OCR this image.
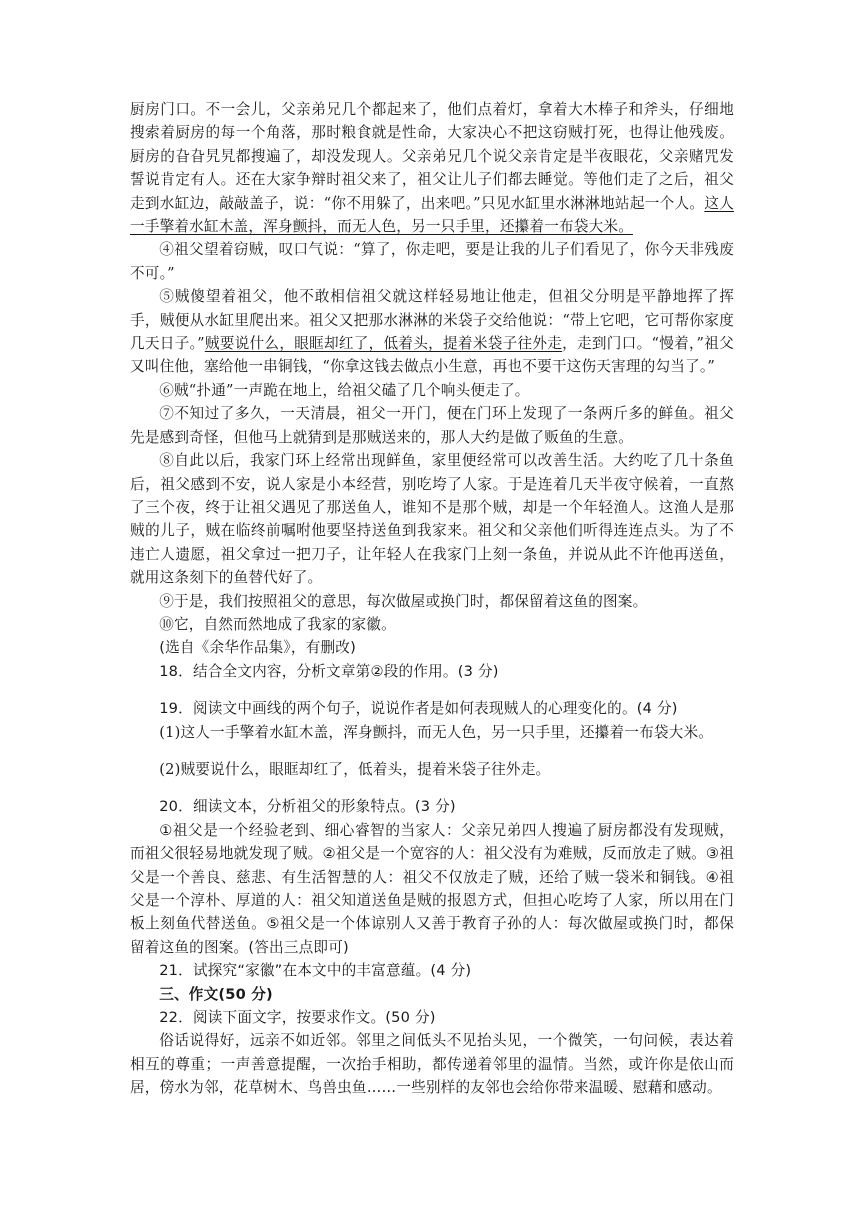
厨房门口。不一会儿，父亲弟兄几个都起来了，他们点着灯，拿着大木棒子和斧头，仔细地搜索着厨房的每一个角落，那时粮食就是性命，大家决心不把这窃贼打死，也得让他残废。厨房的旮旮旯旯都搜遍了，却没发现人。父亲弟兄几个说父亲肯定是半夜眼花，父亲赌咒发誓说肯定有人。还在大家争辩时祖父来了，祖父让儿子们都去睡觉。等他们走了之后，祖父走到水缸边，敲敲盖子，说：“你不用躲了，出来吧。”只见水缸里水淋淋地站起一个人。这人一手擎着水缸木盖，浑身颤抖，而无人色，另一只手里，还攥着一布袋大米。

④祖父望着窃贼，叹口气说：“算了，你走吧，要是让我的儿子们看见了，你今天非残废不可。”

⑤贼傻望着祖父，他不敢相信祖父就这样轻易地让他走，但祖父分明是平静地挥了挥手，贼便从水缸里爬出来。祖父又把那水淋淋的米袋子交给他说：“带上它吧，它可帮你家度几天日子。”贼要说什么，眼眶却红了，低着头，提着米袋子往外走，走到门口。“慢着，”祖父又叫住他，塞给他一串铜钱，“你拿这钱去做点小生意，再也不要干这伤天害理的勾当了。”

⑥贼“扑通”一声跪在地上，给祖父磕了几个响头便走了。

⑦不知过了多久，一天清晨，祖父一开门，便在门环上发现了一条两斤多的鲜鱼。祖父先是感到奇怪，但他马上就猜到是那贼送来的，那人大约是做了贩鱼的生意。

⑧自此以后，我家门环上经常出现鲜鱼，家里便经常可以改善生活。大约吃了几十条鱼后，祖父感到不安，说人家是小本经营，别吃垮了人家。于是连着几天半夜守候着，一直熬了三个夜，终于让祖父遇见了那送鱼人，谁知不是那个贼，却是一个年轻渔人。这渔人是那贼的儿子，贼在临终前嘱咐他要坚持送鱼到我家来。祖父和父亲他们听得连连点头。为了不违亡人遗愿，祖父拿过一把刀子，让年轻人在我家门上刻一条鱼，并说从此不许他再送鱼，就用这条刻下的鱼替代好了。

⑨于是，我们按照祖父的意思，每次做屋或换门时，都保留着这鱼的图案。

⑩它，自然而然地成了我家的家徽。

(选自《余华作品集》，有删改)

18．结合全文内容，分析文章第②段的作用。(3 分)

19．阅读文中画线的两个句子，说说作者是如何表现贼人的心理变化的。(4 分)

(1)这人一手擎着水缸木盖，浑身颤抖，而无人色，另一只手里，还攥着一布袋大米。

(2)贼要说什么，眼眶却红了，低着头，提着米袋子往外走。

20．细读文本，分析祖父的形象特点。(3 分)

①祖父是一个经验老到、细心睿智的当家人：父亲兄弟四人搜遍了厨房都没有发现贼，而祖父很轻易地就发现了贼。②祖父是一个宽容的人：祖父没有为难贼，反而放走了贼。③祖父是一个善良、慈悲、有生活智慧的人：祖父不仅放走了贼，还给了贼一袋米和铜钱。④祖父是一个淳朴、厚道的人：祖父知道送鱼是贼的报恩方式，但担心吃垮了人家，所以用在门板上刻鱼代替送鱼。⑤祖父是一个体谅别人又善于教育子孙的人：每次做屋或换门时，都保留着这鱼的图案。(答出三点即可)

21．试探究“家徽”在本文中的丰富意蕴。(4 分)

三、作文(50 分)

22．阅读下面文字，按要求作文。(50 分)

俗话说得好，远亲不如近邻。邻里之间低头不见抬头见，一个微笑，一句问候，表达着相互的尊重；一声善意提醒，一次抬手相助，都传递着邻里的温情。当然，或许你是依山而居，傍水为邻，花草树木、鸟兽虫鱼……一些别样的友邻也会给你带来温暖、慰藉和感动。
